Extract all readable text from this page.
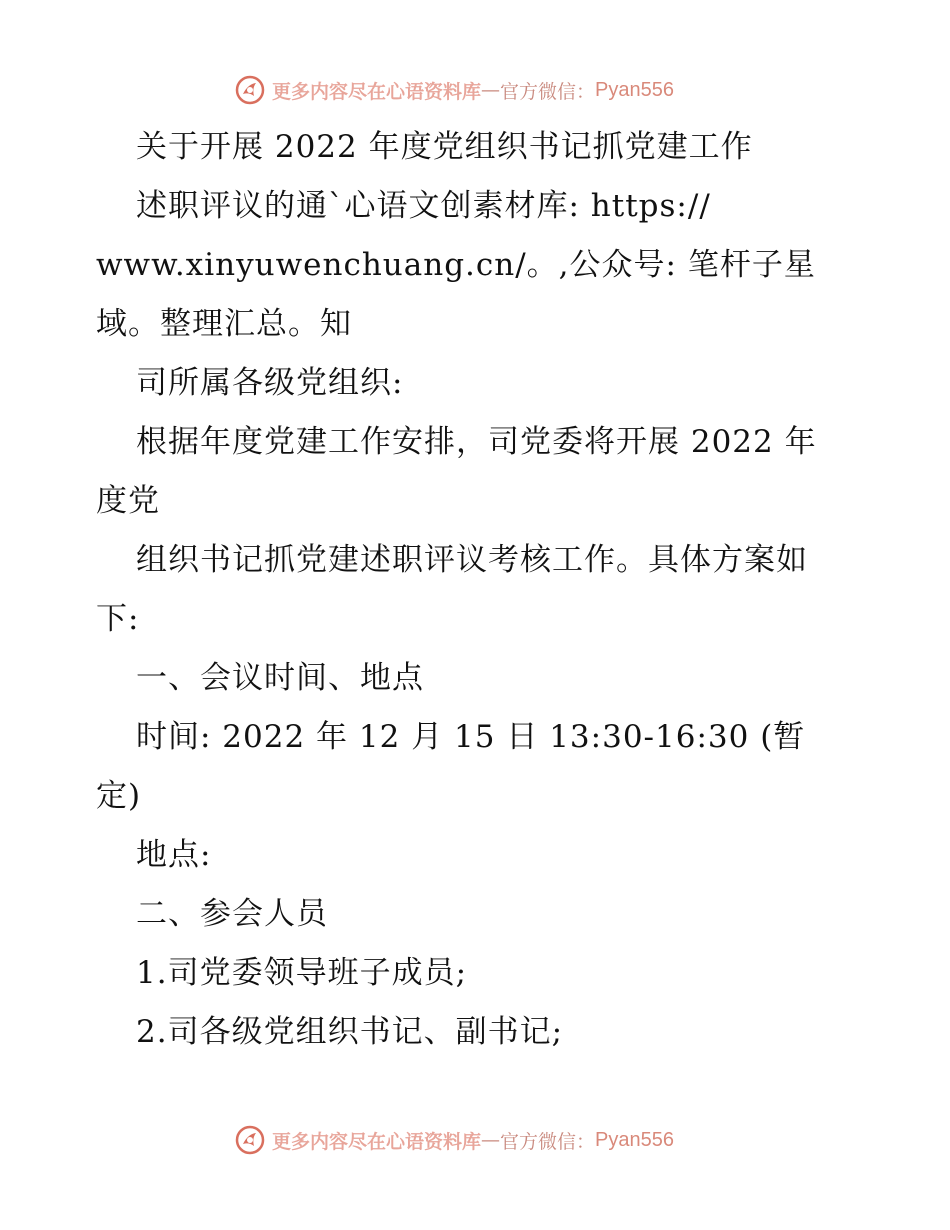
更多内容尽在心语资料库 — 官方微信： Pyan556
关于开展 2022 年度党组织书记抓党建工作
述职评议的通`心语文创素材库: https://
www.xinyuwenchuang.cn/。,公众号: 笔杆子星
域。整理汇总。知
司所属各级党组织:
根据年度党建工作安排，司党委将开展 2022 年
度党
组织书记抓党建述职评议考核工作。具体方案如
下:
一、会议时间、地点
时间: 2022 年 12 月 15 日 13:30-16:30 (暂
定)
地点:
二、参会人员
1.司党委领导班子成员;
2.司各级党组织书记、副书记;
更多内容尽在心语资料库 — 官方微信： Pyan556
